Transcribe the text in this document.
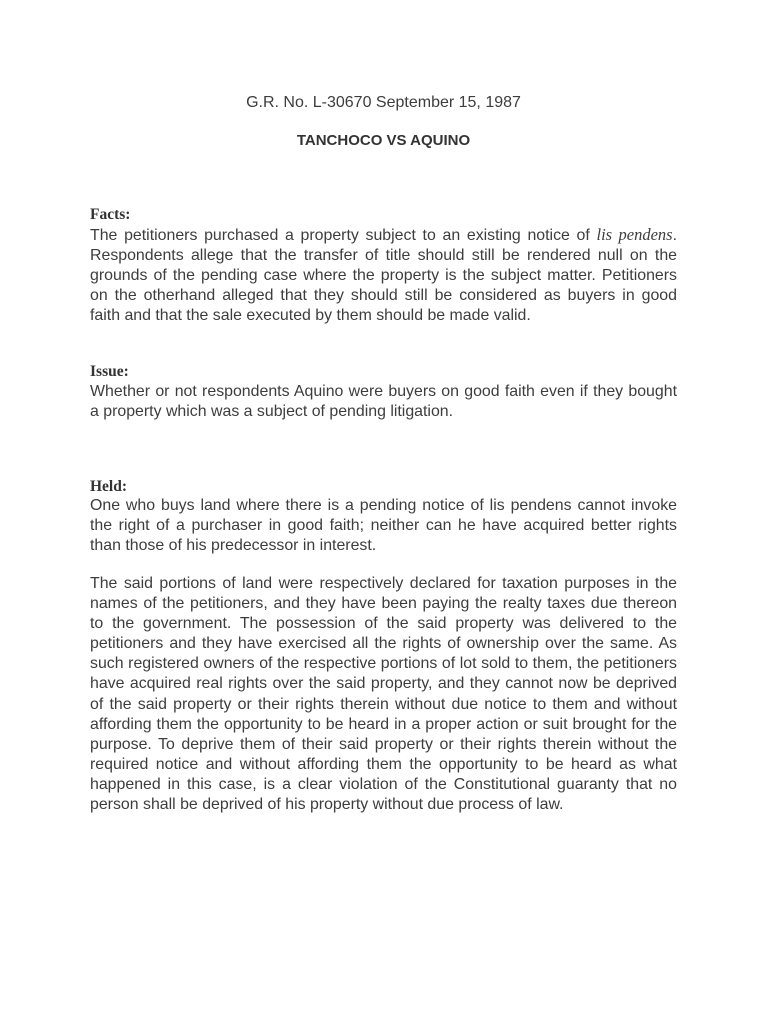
G.R. No. L-30670 September 15, 1987
TANCHOCO VS AQUINO
Facts:

The petitioners purchased a property subject to an existing notice of lis pendens. Respondents allege that the transfer of title should still be rendered null on the grounds of the pending case where the property is the subject matter. Petitioners on the otherhand alleged that they should still be considered as buyers in good faith and that the sale executed by them should be made valid.

Issue:

Whether or not respondents Aquino were buyers on good faith even if they bought a property which was a subject of pending litigation.

Held:

One who buys land where there is a pending notice of lis pendens cannot invoke the right of a purchaser in good faith; neither can he have acquired better rights than those of his predecessor in interest.

The said portions of land were respectively declared for taxation purposes in the names of the petitioners, and they have been paying the realty taxes due thereon to the government. The possession of the said property was delivered to the petitioners and they have exercised all the rights of ownership over the same. As such registered owners of the respective portions of lot sold to them, the petitioners have acquired real rights over the said property, and they cannot now be deprived of the said property or their rights therein without due notice to them and without affording them the opportunity to be heard in a proper action or suit brought for the purpose. To deprive them of their said property or their rights therein without the required notice and without affording them the opportunity to be heard as what happened in this case, is a clear violation of the Constitutional guaranty that no person shall be deprived of his property without due process of law.
